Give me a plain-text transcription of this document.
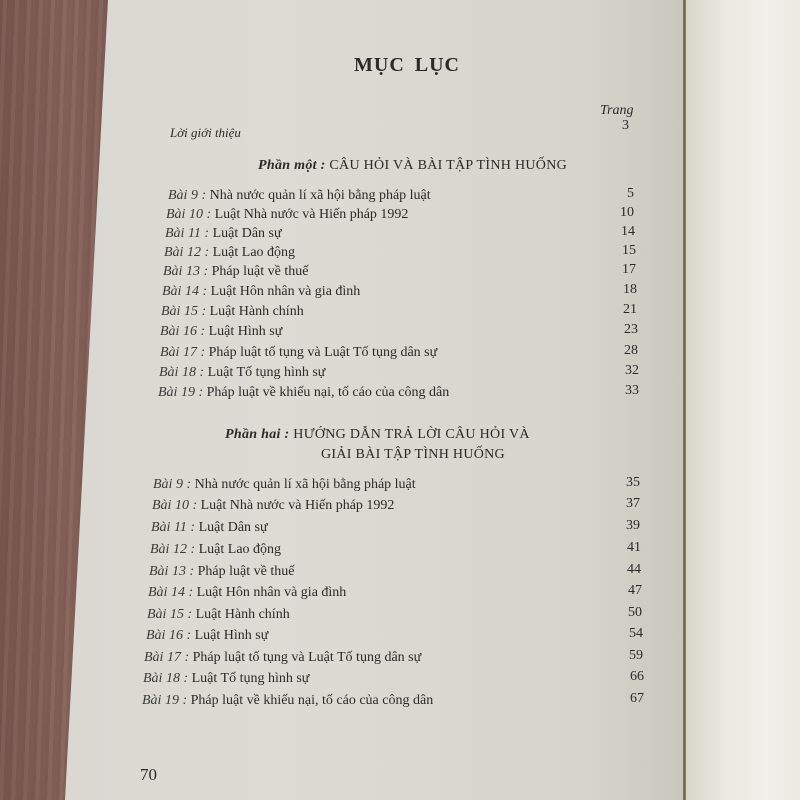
MỤC LỤC
Trang
Lời giới thiệu	3
Phần một : CÂU HỎI VÀ BÀI TẬP TÌNH HUỐNG
Bài 9 : Nhà nước quản lí xã hội bằng pháp luật	5
Bài 10 : Luật Nhà nước và Hiến pháp 1992	10
Bài 11 : Luật Dân sự	14
Bài 12 : Luật Lao động	15
Bài 13 : Pháp luật về thuế	17
Bài 14 : Luật Hôn nhân và gia đình	18
Bài 15 : Luật Hành chính	21
Bài 16 : Luật Hình sự	23
Bài 17 : Pháp luật tố tụng và Luật Tố tụng dân sự	28
Bài 18 : Luật Tố tụng hình sự	32
Bài 19 : Pháp luật về khiếu nại, tố cáo của công dân	33
Phần hai : HƯỚNG DẪN TRẢ LỜI CÂU HỎI VÀ
GIẢI BÀI TẬP TÌNH HUỐNG
Bài 9 : Nhà nước quản lí xã hội bằng pháp luật	35
Bài 10 : Luật Nhà nước và Hiến pháp 1992	37
Bài 11 : Luật Dân sự	39
Bài 12 : Luật Lao động	41
Bài 13 : Pháp luật về thuế	44
Bài 14 : Luật Hôn nhân và gia đình	47
Bài 15 : Luật Hành chính	50
Bài 16 : Luật Hình sự	54
Bài 17 : Pháp luật tố tụng và Luật Tố tụng dân sự	59
Bài 18 : Luật Tố tụng hình sự	66
Bài 19 : Pháp luật về khiếu nại, tố cáo của công dân	67
70
